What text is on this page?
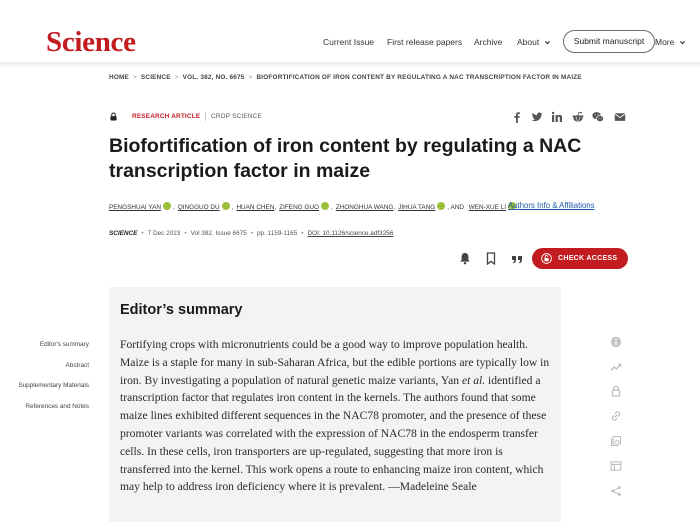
Science	Current Issue First release papers Archive About	Submit manuscript	More
HOME > SCIENCE > VOL. 382, NO. 6675 > BIOFORTIFICATION OF IRON CONTENT BY REGULATING A NAC TRANSCRIPTION FACTOR IN MAIZE
RESEARCH ARTICLE CROP SCIENCE
Biofortification of iron content by regulating a NAC transcription factor in maize
PENGSHUAI YAN , QINGGUO DU , HUAN CHEN, ZIFENG GUO , ZHONGHUA WANG, JIHUA TANG , AND WEN-XUE LI Authors Info & Affiliations
SCIENCE • 7 Dec 2023 • Vol 382, Issue 6675 • pp. 1159-1165 • DOI: 10.1126/science.adf3256
CHECK ACCESS
Editor's summary
Abstract
Supplementary Materials
References and Notes
Editor’s summary

Fortifying crops with micronutrients could be a good way to improve population health. Maize is a staple for many in sub-Saharan Africa, but the edible portions are typically low in iron. By investigating a population of natural genetic maize variants, Yan et al. identified a transcription factor that regulates iron content in the kernels. The authors found that some maize lines exhibited different sequences in the NAC78 promoter, and the presence of these promoter variants was correlated with the expression of NAC78 in the endosperm transfer cells. In these cells, iron transporters are up-regulated, suggesting that more iron is transferred into the kernel. This work opens a route to enhancing maize iron content, which may help to address iron deficiency where it is prevalent. —Madeleine Seale
